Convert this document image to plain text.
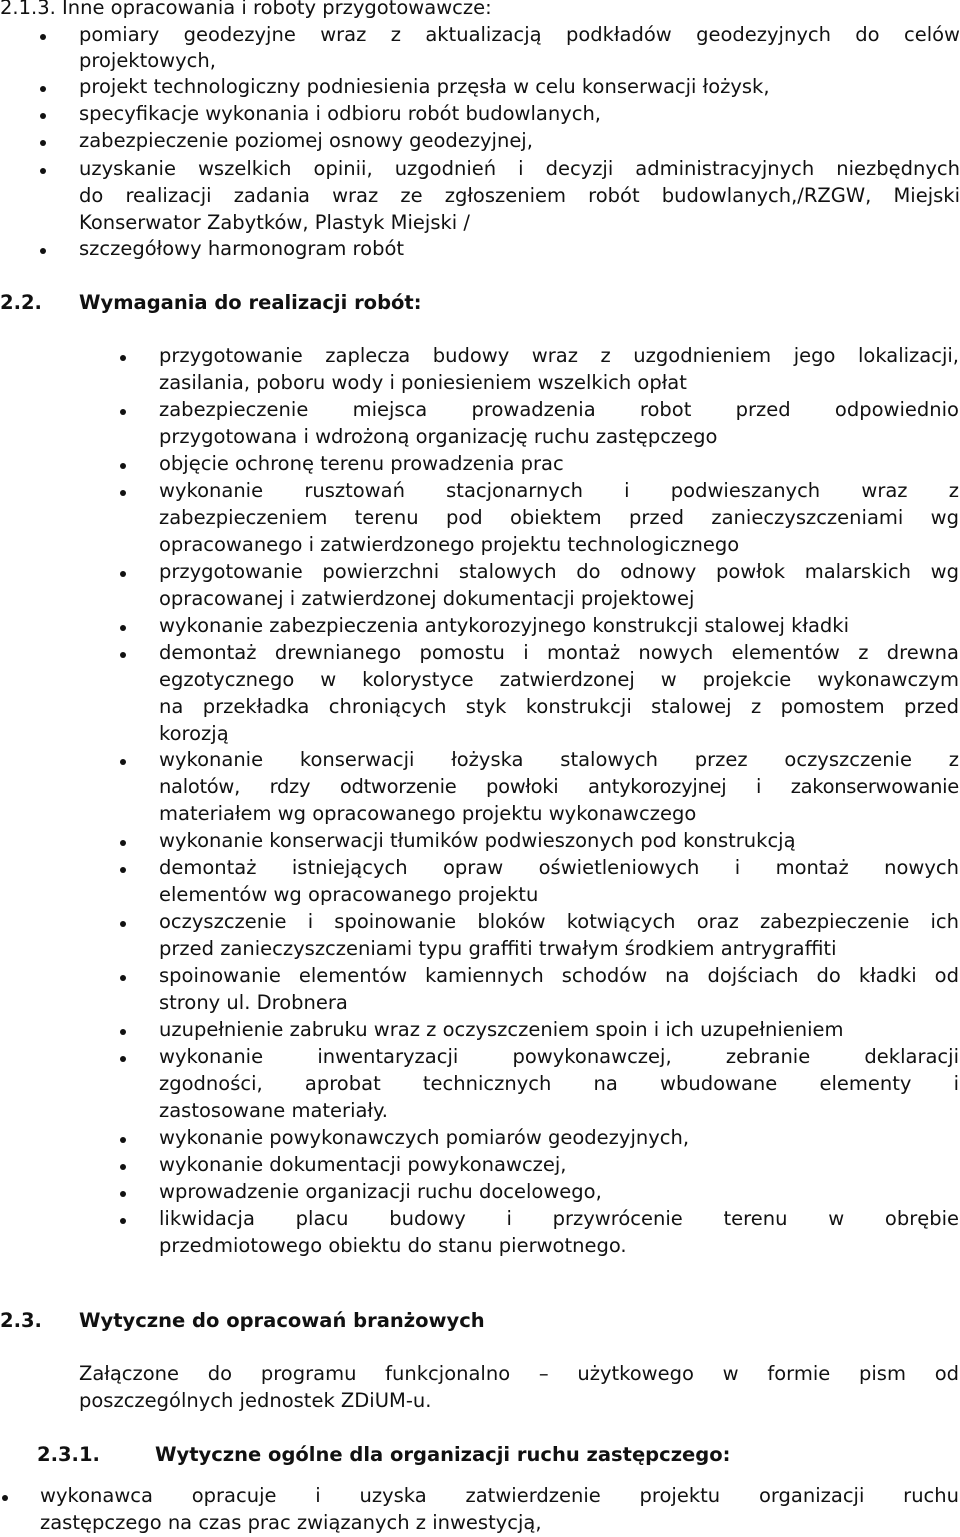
2.1.3. Inne opracowania i roboty przygotowawcze:
pomiary geodezyjne wraz z aktualizacją podkładów geodezyjnych do celów
projektowych,
projekt technologiczny podniesienia przęsła w celu konserwacji łożysk,
specyfikacje wykonania i odbioru robót budowlanych,
zabezpieczenie poziomej osnowy geodezyjnej,
uzyskanie wszelkich opinii, uzgodnień i decyzji administracyjnych niezbędnych
do realizacji zadania wraz ze zgłoszeniem robót budowlanych,/RZGW, Miejski
Konserwator Zabytków, Plastyk Miejski /
szczegółowy harmonogram robót
2.2. Wymagania do realizacji robót:
przygotowanie zaplecza budowy wraz z uzgodnieniem jego lokalizacji,
zasilania, poboru wody i poniesieniem wszelkich opłat
zabezpieczenie miejsca prowadzenia robot przed odpowiednio
przygotowana i wdrożoną organizację ruchu zastępczego
objęcie ochronę terenu prowadzenia prac
wykonanie rusztowań stacjonarnych i podwieszanych wraz z
zabezpieczeniem terenu pod obiektem przed zanieczyszczeniami wg
opracowanego i zatwierdzonego projektu technologicznego
przygotowanie powierzchni stalowych do odnowy powłok malarskich wg
opracowanej i zatwierdzonej dokumentacji projektowej
wykonanie zabezpieczenia antykorozyjnego konstrukcji stalowej kładki
demontaż drewnianego pomostu i montaż nowych elementów z drewna
egzotycznego w kolorystyce zatwierdzonej w projekcie wykonawczym
na przekładka chroniących styk konstrukcji stalowej z pomostem przed
korozją
wykonanie konserwacji łożyska stalowych przez oczyszczenie z
nalotów, rdzy odtworzenie powłoki antykorozyjnej i zakonserwowanie
materiałem wg opracowanego projektu wykonawczego
wykonanie konserwacji tłumików podwieszonych pod konstrukcją
demontaż istniejących opraw oświetleniowych i montaż nowych
elementów wg opracowanego projektu
oczyszczenie i spoinowanie bloków kotwiących oraz zabezpieczenie ich
przed zanieczyszczeniami typu graffiti trwałym środkiem antrygraffiti
spoinowanie elementów kamiennych schodów na dojściach do kładki od
strony ul. Drobnera
uzupełnienie zabruku wraz z oczyszczeniem spoin i ich uzupełnieniem
wykonanie inwentaryzacji powykonawczej, zebranie deklaracji
zgodności, aprobat technicznych na wbudowane elementy i
zastosowane materiały.
wykonanie powykonawczych pomiarów geodezyjnych,
wykonanie dokumentacji powykonawczej,
wprowadzenie organizacji ruchu docelowego,
likwidacja placu budowy i przywrócenie terenu w obrębie
przedmiotowego obiektu do stanu pierwotnego.
2.3. Wytyczne do opracowań branżowych
Załączone do programu funkcjonalno – użytkowego w formie pism od
poszczególnych jednostek ZDiUM-u.
2.3.1.	Wytyczne ogólne dla organizacji ruchu zastępczego:
wykonawca opracuje i uzyska zatwierdzenie projektu organizacji ruchu
zastępczego na czas prac związanych z inwestycją,
